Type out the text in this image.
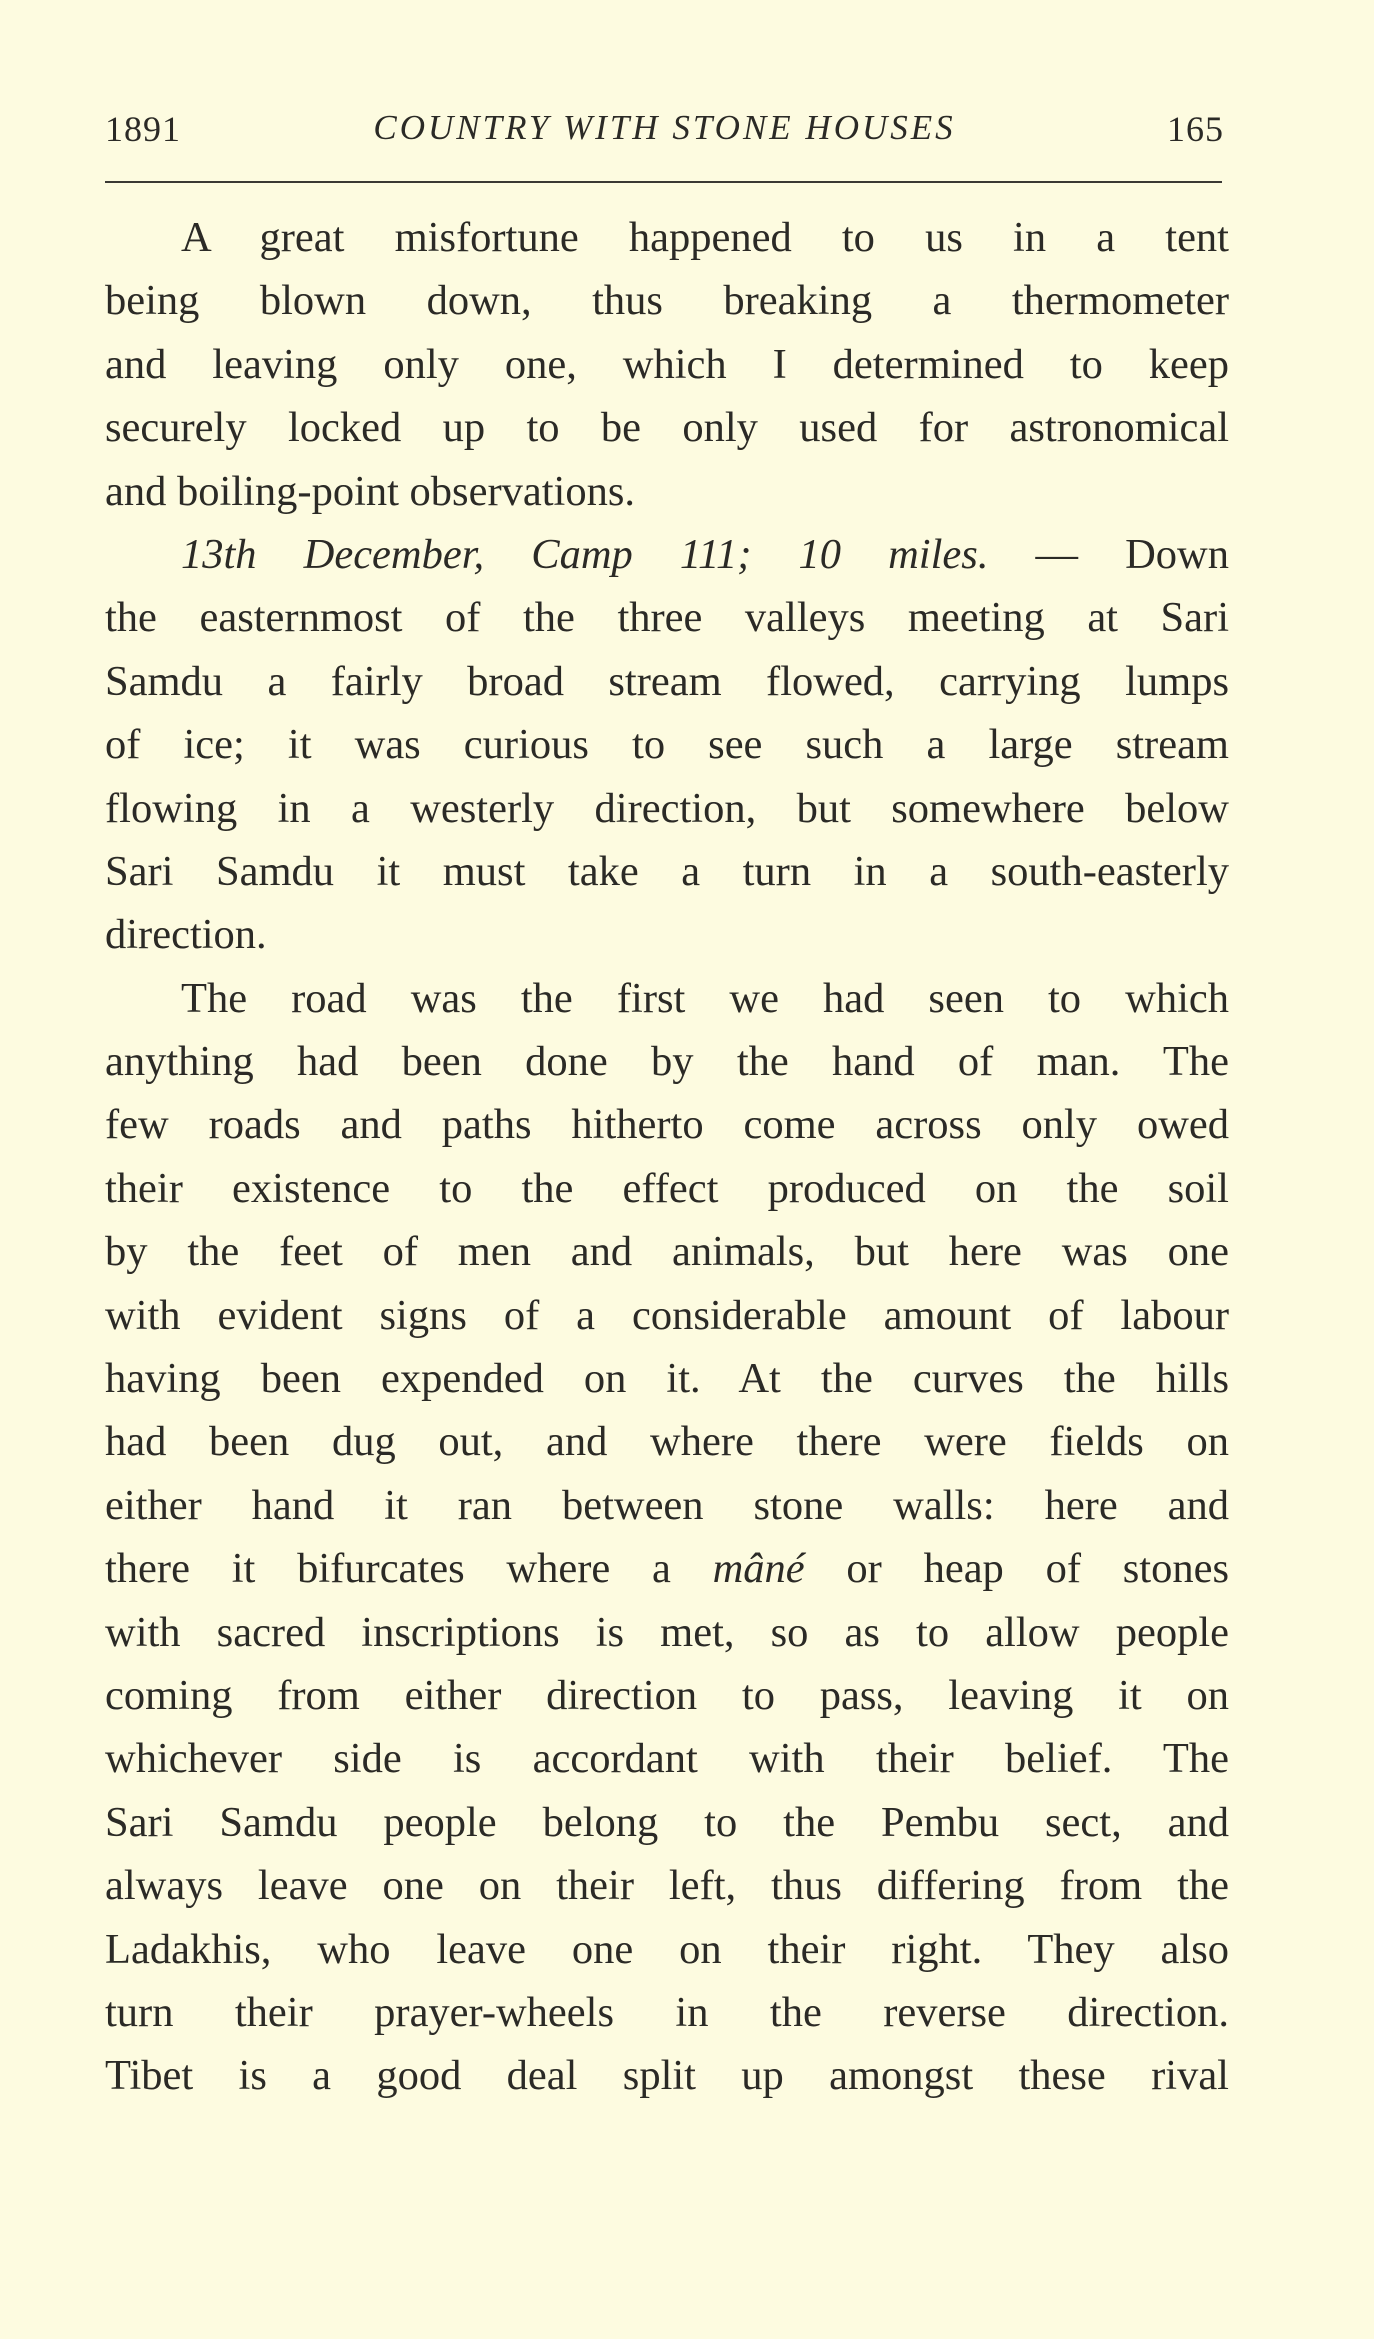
1891	COUNTRY WITH STONE HOUSES	165
A great misfortune happened to us in a tent
being blown down, thus breaking a thermometer
and leaving only one, which I determined to keep
securely locked up to be only used for astronomical
and boiling-point observations.
13th December, Camp 111; 10 miles. — Down
the easternmost of the three valleys meeting at Sari
Samdu a fairly broad stream flowed, carrying lumps
of ice; it was curious to see such a large stream
flowing in a westerly direction, but somewhere below
Sari Samdu it must take a turn in a south-easterly
direction.
The road was the first we had seen to which
anything had been done by the hand of man. The
few roads and paths hitherto come across only owed
their existence to the effect produced on the soil
by the feet of men and animals, but here was one
with evident signs of a considerable amount of labour
having been expended on it. At the curves the hills
had been dug out, and where there were fields on
either hand it ran between stone walls: here and
there it bifurcates where a mâné or heap of stones
with sacred inscriptions is met, so as to allow people
coming from either direction to pass, leaving it on
whichever side is accordant with their belief. The
Sari Samdu people belong to the Pembu sect, and
always leave one on their left, thus differing from the
Ladakhis, who leave one on their right. They also
turn their prayer-wheels in the reverse direction.
Tibet is a good deal split up amongst these rival
